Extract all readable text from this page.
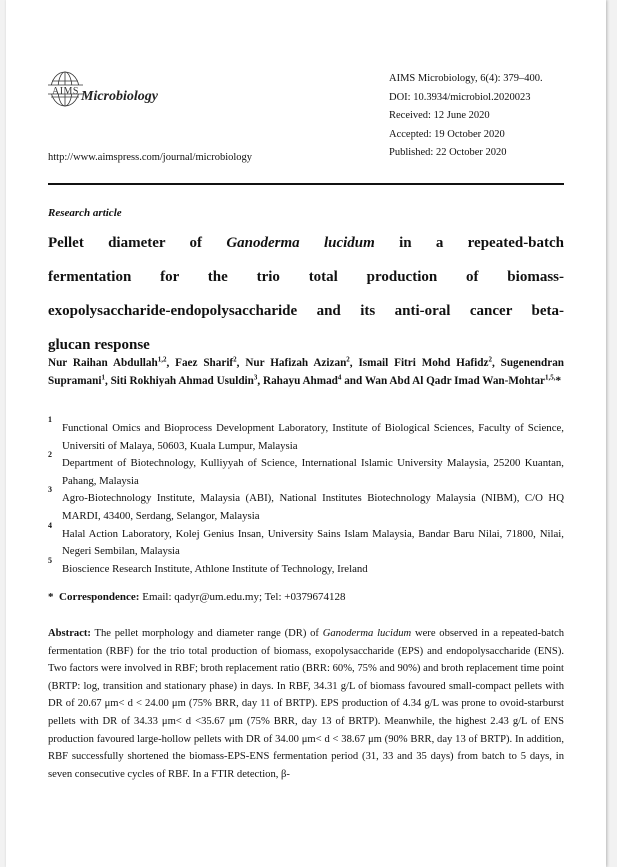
AIMS Microbiology
AIMS Microbiology, 6(4): 379–400.
DOI: 10.3934/microbiol.2020023
Received: 12 June 2020
Accepted: 19 October 2020
Published: 22 October 2020
http://www.aimspress.com/journal/microbiology
Research article
Pellet diameter of Ganoderma lucidum in a repeated-batch
fermentation for the trio total production of biomass-
exopolysaccharide-endopolysaccharide and its anti-oral cancer beta-
glucan response
Nur Raihan Abdullah$^{1,2}$, Faez Sharif$^2$, Nur Hafizah Azizan$^2$, Ismail Fitri Mohd Hafidz$^2$, Sugenendran Supramani$^1$, Siti Rokhiyah Ahmad Usuldin$^3$, Rahayu Ahmad$^4$ and Wan Abd Al Qadr Imad Wan-Mohtar$^{1,5,}$*
1
Functional Omics and Bioprocess Development Laboratory, Institute of Biological Sciences, Faculty of Science, Universiti of Malaya, 50603, Kuala Lumpur, Malaysia
2
Department of Biotechnology, Kulliyyah of Science, International Islamic University Malaysia, 25200 Kuantan, Pahang, Malaysia
3
Agro-Biotechnology Institute, Malaysia (ABI), National Institutes Biotechnology Malaysia (NIBM), C/O HQ MARDI, 43400, Serdang, Selangor, Malaysia
4
Halal Action Laboratory, Kolej Genius Insan, University Sains Islam Malaysia, Bandar Baru Nilai, 71800, Nilai, Negeri Sembilan, Malaysia
5
Bioscience Research Institute, Athlone Institute of Technology, Ireland
* Correspondence: Email: qadyr@um.edu.my; Tel: +0379674128
Abstract: The pellet morphology and diameter range (DR) of Ganoderma lucidum were observed in a repeated-batch fermentation (RBF) for the trio total production of biomass, exopolysaccharide (EPS) and endopolysaccharide (ENS). Two factors were involved in RBF; broth replacement ratio (BRR: 60%, 75% and 90%) and broth replacement time point (BRTP: log, transition and stationary phase) in days. In RBF, 34.31 g/L of biomass favoured small-compact pellets with DR of 20.67 μm< d < 24.00 μm (75% BRR, day 11 of BRTP). EPS production of 4.34 g/L was prone to ovoid-starburst pellets with DR of 34.33 μm< d <35.67 μm (75% BRR, day 13 of BRTP). Meanwhile, the highest 2.43 g/L of ENS production favoured large-hollow pellets with DR of 34.00 μm< d < 38.67 μm (90% BRR, day 13 of BRTP). In addition, RBF successfully shortened the biomass-EPS-ENS fermentation period (31, 33 and 35 days) from batch to 5 days, in seven consecutive cycles of RBF. In a FTIR detection, β-
